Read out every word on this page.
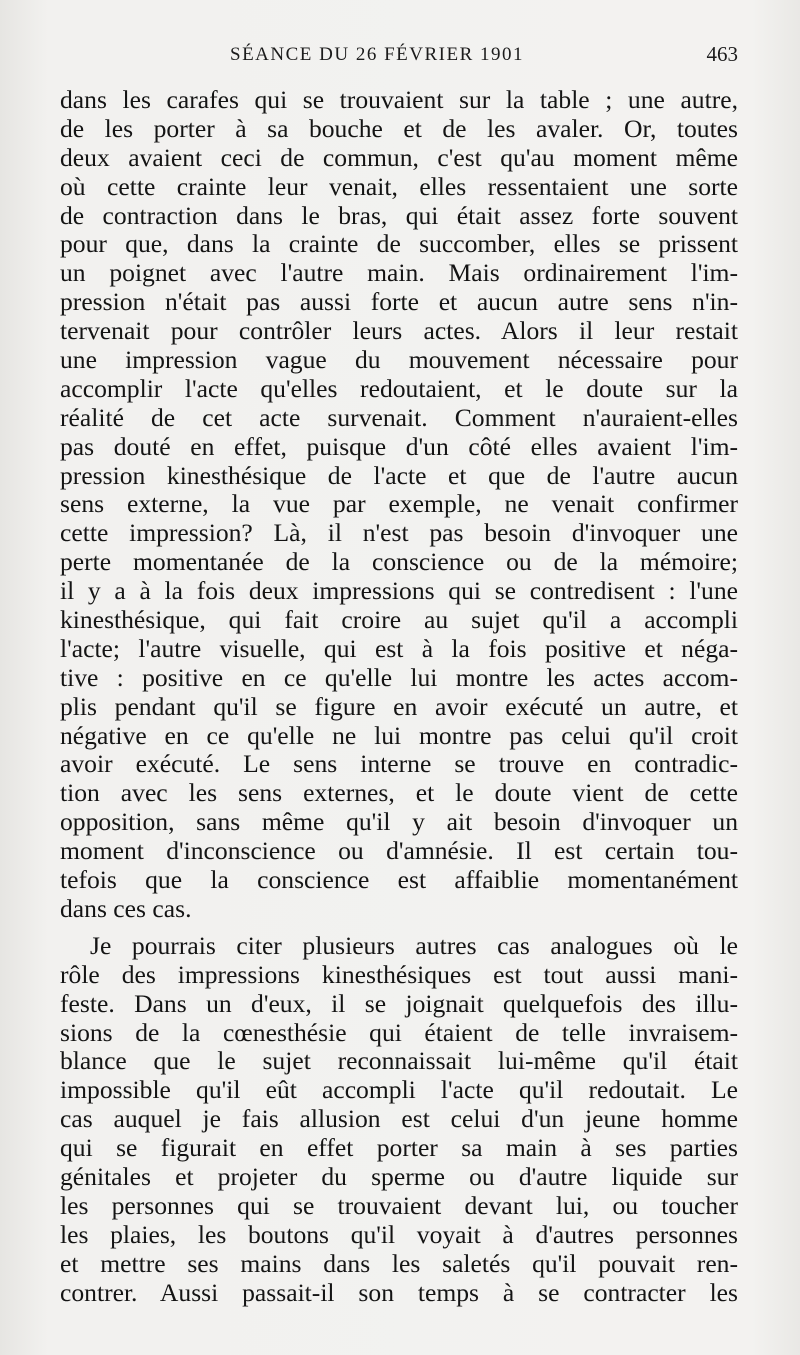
SÉANCE DU 26 FÉVRIER 1901	463

dans les carafes qui se trouvaient sur la table ; une autre,
de les porter à sa bouche et de les avaler. Or, toutes
deux avaient ceci de commun, c'est qu'au moment même
où cette crainte leur venait, elles ressentaient une sorte
de contraction dans le bras, qui était assez forte souvent
pour que, dans la crainte de succomber, elles se prissent
un poignet avec l'autre main. Mais ordinairement l'im-
pression n'était pas aussi forte et aucun autre sens n'in-
tervenait pour contrôler leurs actes. Alors il leur restait
une impression vague du mouvement nécessaire pour
accomplir l'acte qu'elles redoutaient, et le doute sur la
réalité de cet acte survenait. Comment n'auraient-elles
pas douté en effet, puisque d'un côté elles avaient l'im-
pression kinesthésique de l'acte et que de l'autre aucun
sens externe, la vue par exemple, ne venait confirmer
cette impression? Là, il n'est pas besoin d'invoquer une
perte momentanée de la conscience ou de la mémoire;
il y a à la fois deux impressions qui se contredisent : l'une
kinesthésique, qui fait croire au sujet qu'il a accompli
l'acte; l'autre visuelle, qui est à la fois positive et néga-
tive : positive en ce qu'elle lui montre les actes accom-
plis pendant qu'il se figure en avoir exécuté un autre, et
négative en ce qu'elle ne lui montre pas celui qu'il croit
avoir exécuté. Le sens interne se trouve en contradic-
tion avec les sens externes, et le doute vient de cette
opposition, sans même qu'il y ait besoin d'invoquer un
moment d'inconscience ou d'amnésie. Il est certain tou-
tefois que la conscience est affaiblie momentanément
dans ces cas.

Je pourrais citer plusieurs autres cas analogues où le
rôle des impressions kinesthésiques est tout aussi mani-
feste. Dans un d'eux, il se joignait quelquefois des illu-
sions de la cœnesthésie qui étaient de telle invraisem-
blance que le sujet reconnaissait lui-même qu'il était
impossible qu'il eût accompli l'acte qu'il redoutait. Le
cas auquel je fais allusion est celui d'un jeune homme
qui se figurait en effet porter sa main à ses parties
génitales et projeter du sperme ou d'autre liquide sur
les personnes qui se trouvaient devant lui, ou toucher
les plaies, les boutons qu'il voyait à d'autres personnes
et mettre ses mains dans les saletés qu'il pouvait ren-
contrer. Aussi passait-il son temps à se contracter les
